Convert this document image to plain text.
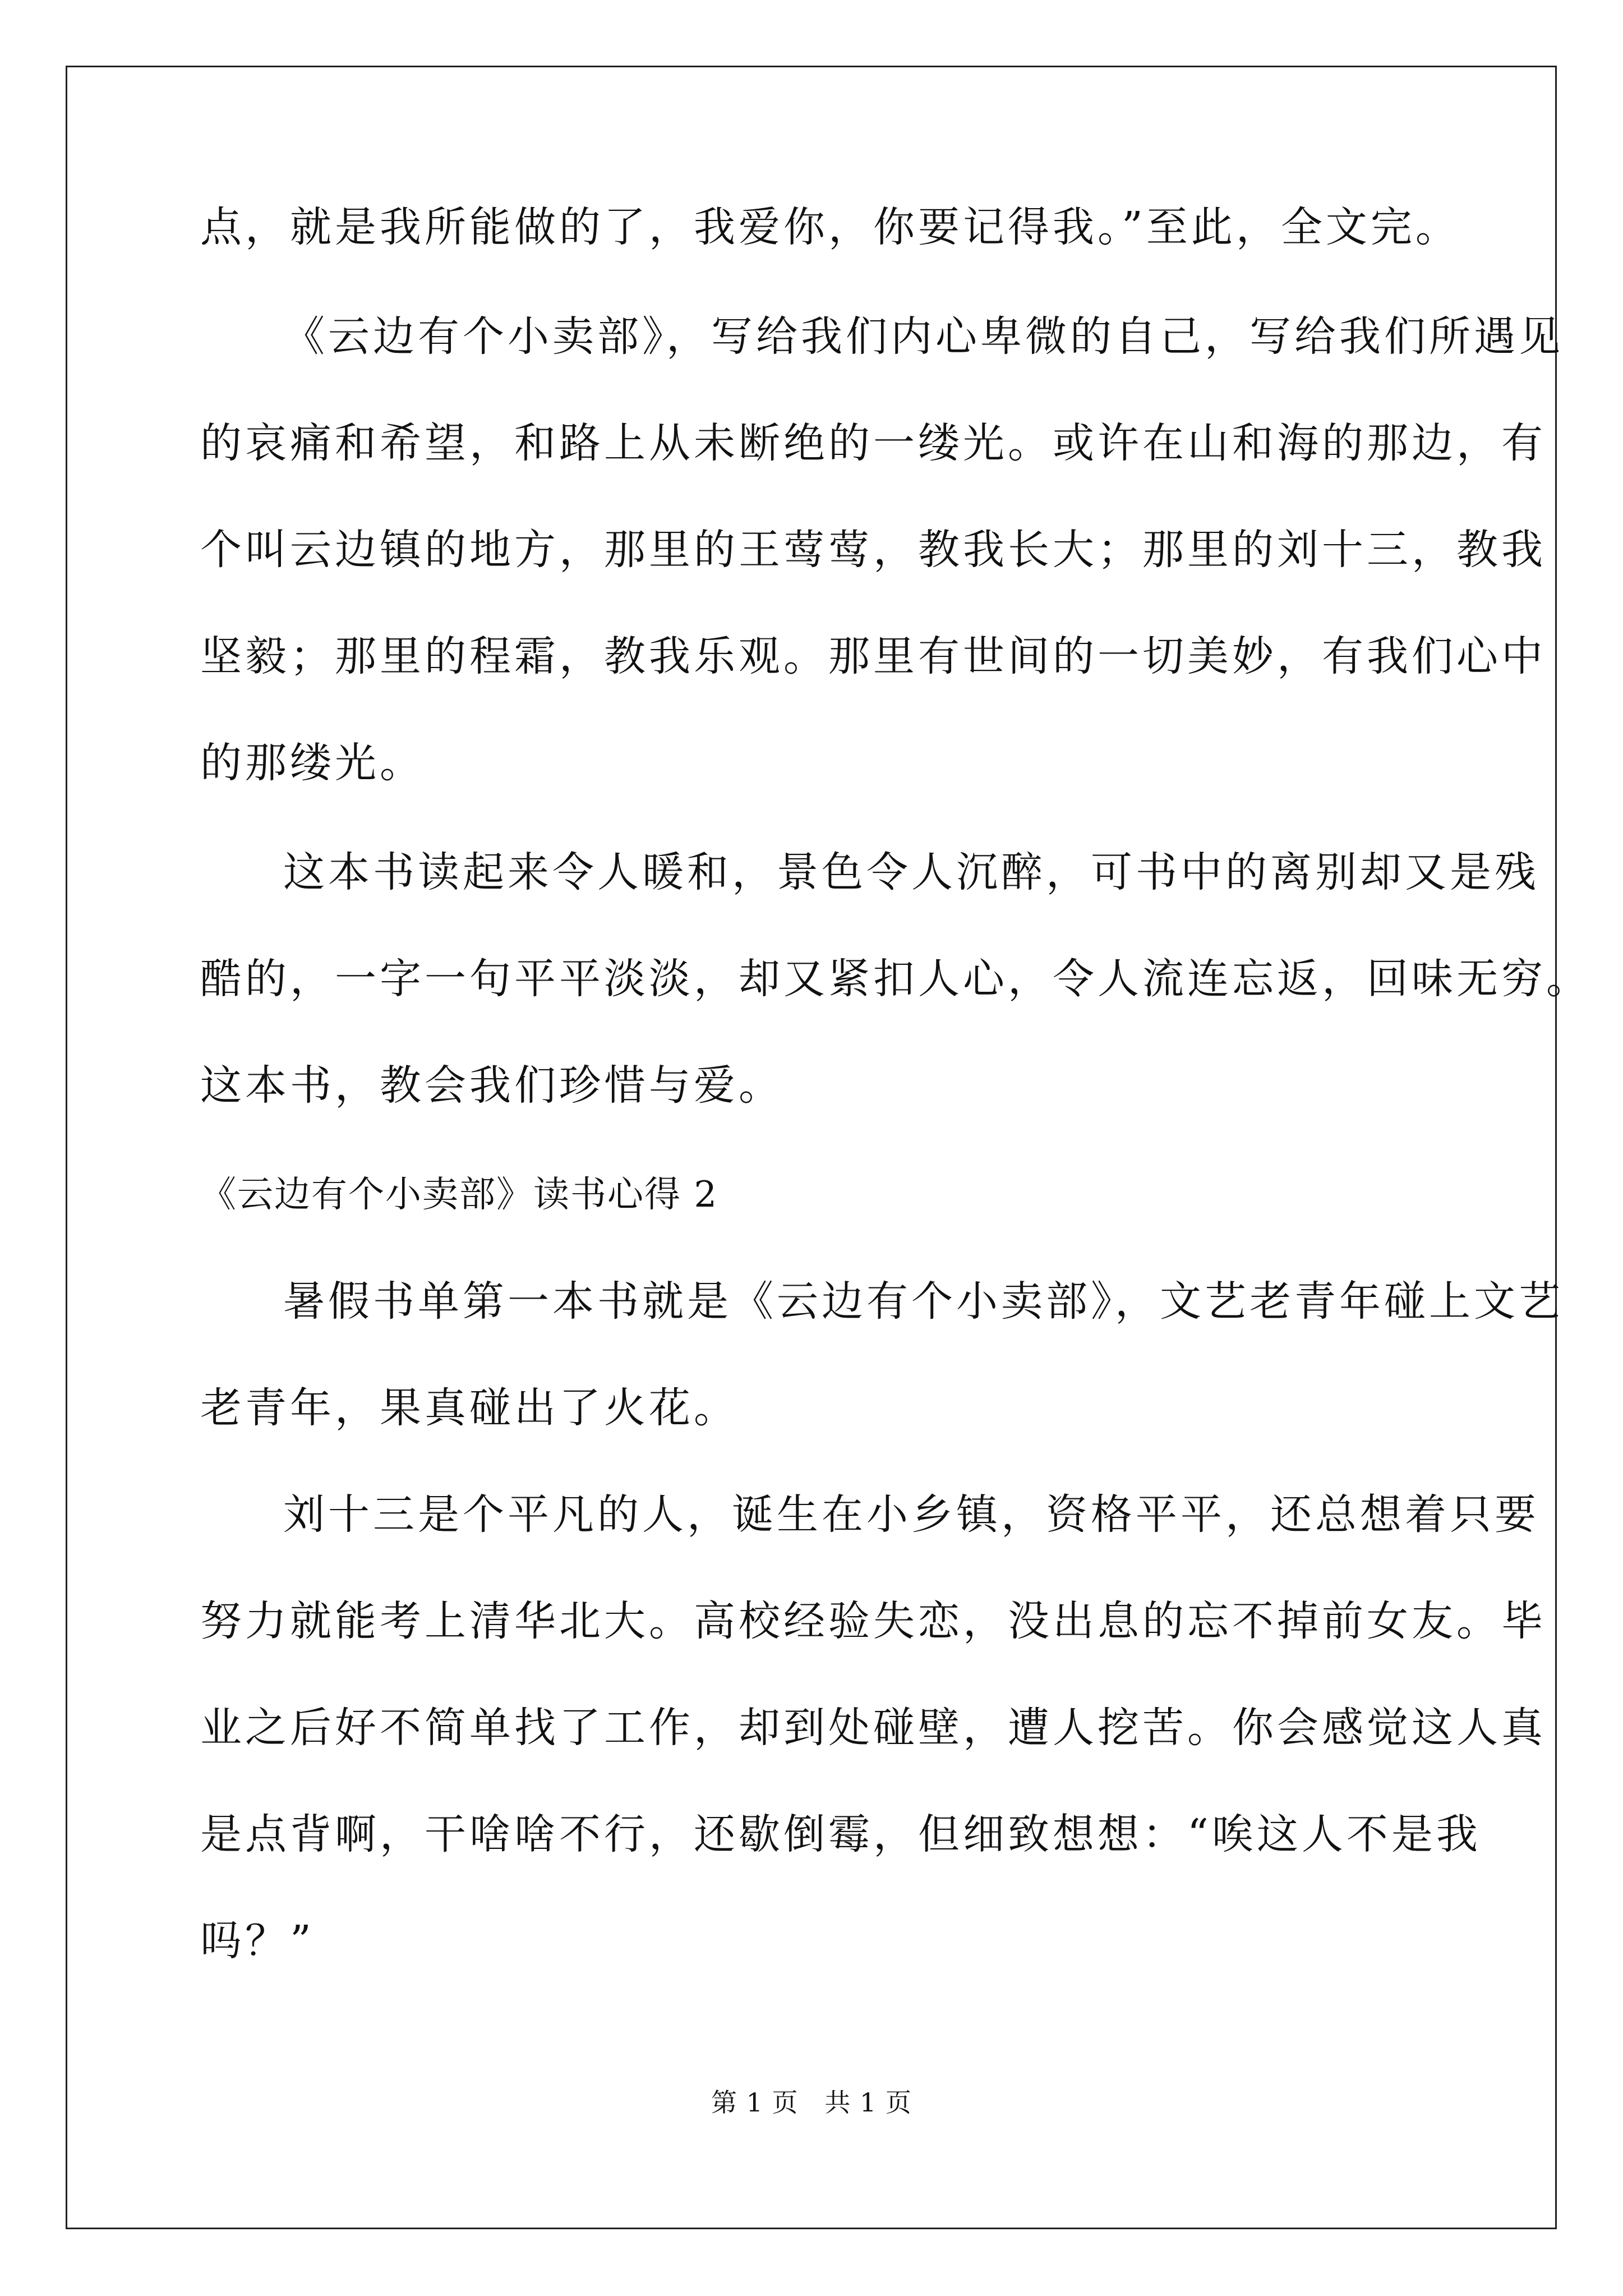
点，就是我所能做的了，我爱你，你要记得我。”至此，全文完。
《云边有个小卖部》，写给我们内心卑微的自己，写给我们所遇见
的哀痛和希望，和路上从未断绝的一缕光。或许在山和海的那边，有
个叫云边镇的地方，那里的王莺莺，教我长大；那里的刘十三，教我
坚毅；那里的程霜，教我乐观。那里有世间的一切美妙，有我们心中
的那缕光。
这本书读起来令人暖和，景色令人沉醉，可书中的离别却又是残
酷的，一字一句平平淡淡，却又紧扣人心，令人流连忘返，回味无穷。
这本书，教会我们珍惜与爱。
《云边有个小卖部》读书心得 2
暑假书单第一本书就是《云边有个小卖部》，文艺老青年碰上文艺
老青年，果真碰出了火花。
刘十三是个平凡的人，诞生在小乡镇，资格平平，还总想着只要
努力就能考上清华北大。高校经验失恋，没出息的忘不掉前女友。毕
业之后好不简单找了工作，却到处碰壁，遭人挖苦。你会感觉这人真
是点背啊，干啥啥不行，还歇倒霉，但细致想想：“唉这人不是我
吗？”
第 1 页   共 1 页
